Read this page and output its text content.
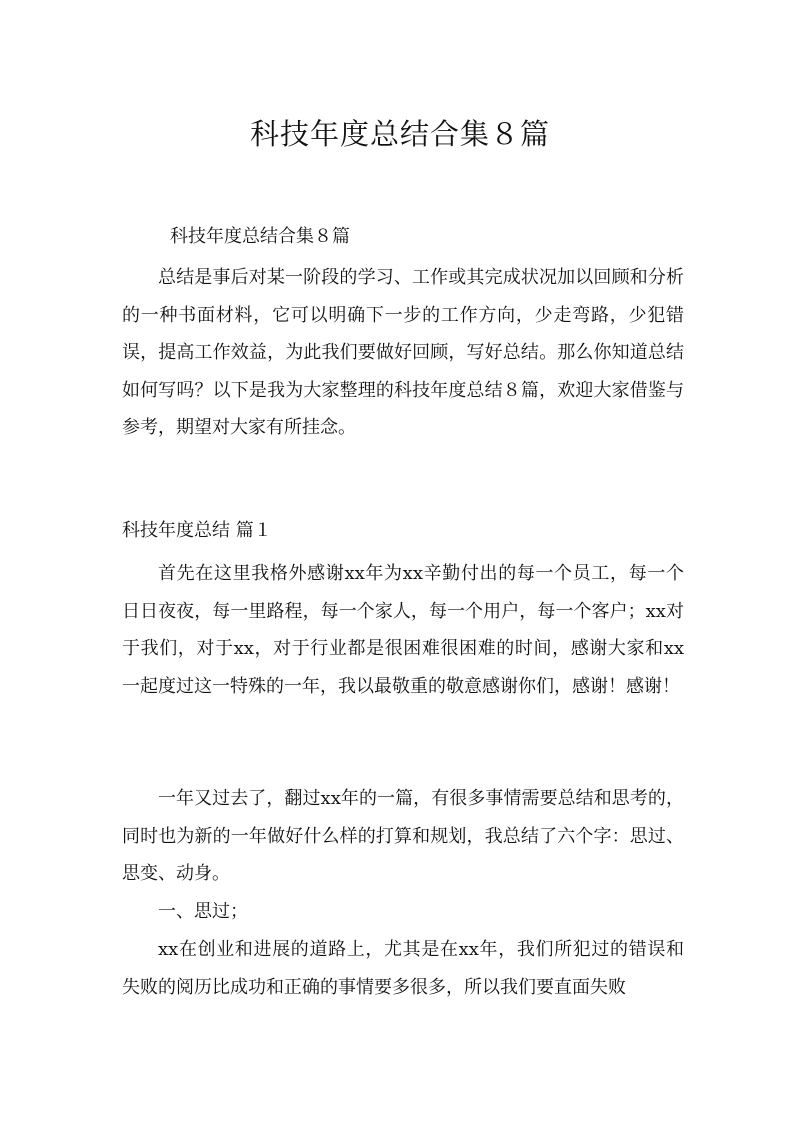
科技年度总结合集８篇

科技年度总结合集８篇

总结是事后对某一阶段的学习、工作或其完成状况加以回顾和分析的一种书面材料，它可以明确下一步的工作方向，少走弯路，少犯错误，提高工作效益，为此我们要做好回顾，写好总结。那么你知道总结如何写吗？以下是我为大家整理的科技年度总结８篇，欢迎大家借鉴与参考，期望对大家有所挂念。

科技年度总结 篇１

首先在这里我格外感谢xx年为xx辛勤付出的每一个员工，每一个日日夜夜，每一里路程，每一个家人，每一个用户，每一个客户；xx对于我们，对于xx，对于行业都是很困难很困难的时间，感谢大家和xx一起度过这一特殊的一年，我以最敬重的敬意感谢你们，感谢！感谢！

一年又过去了，翻过xx年的一篇，有很多事情需要总结和思考的，同时也为新的一年做好什么样的打算和规划，我总结了六个字：思过、思变、动身。

一、思过；

xx在创业和进展的道路上，尤其是在xx年，我们所犯过的错误和失败的阅历比成功和正确的事情要多很多，所以我们要直面失败
